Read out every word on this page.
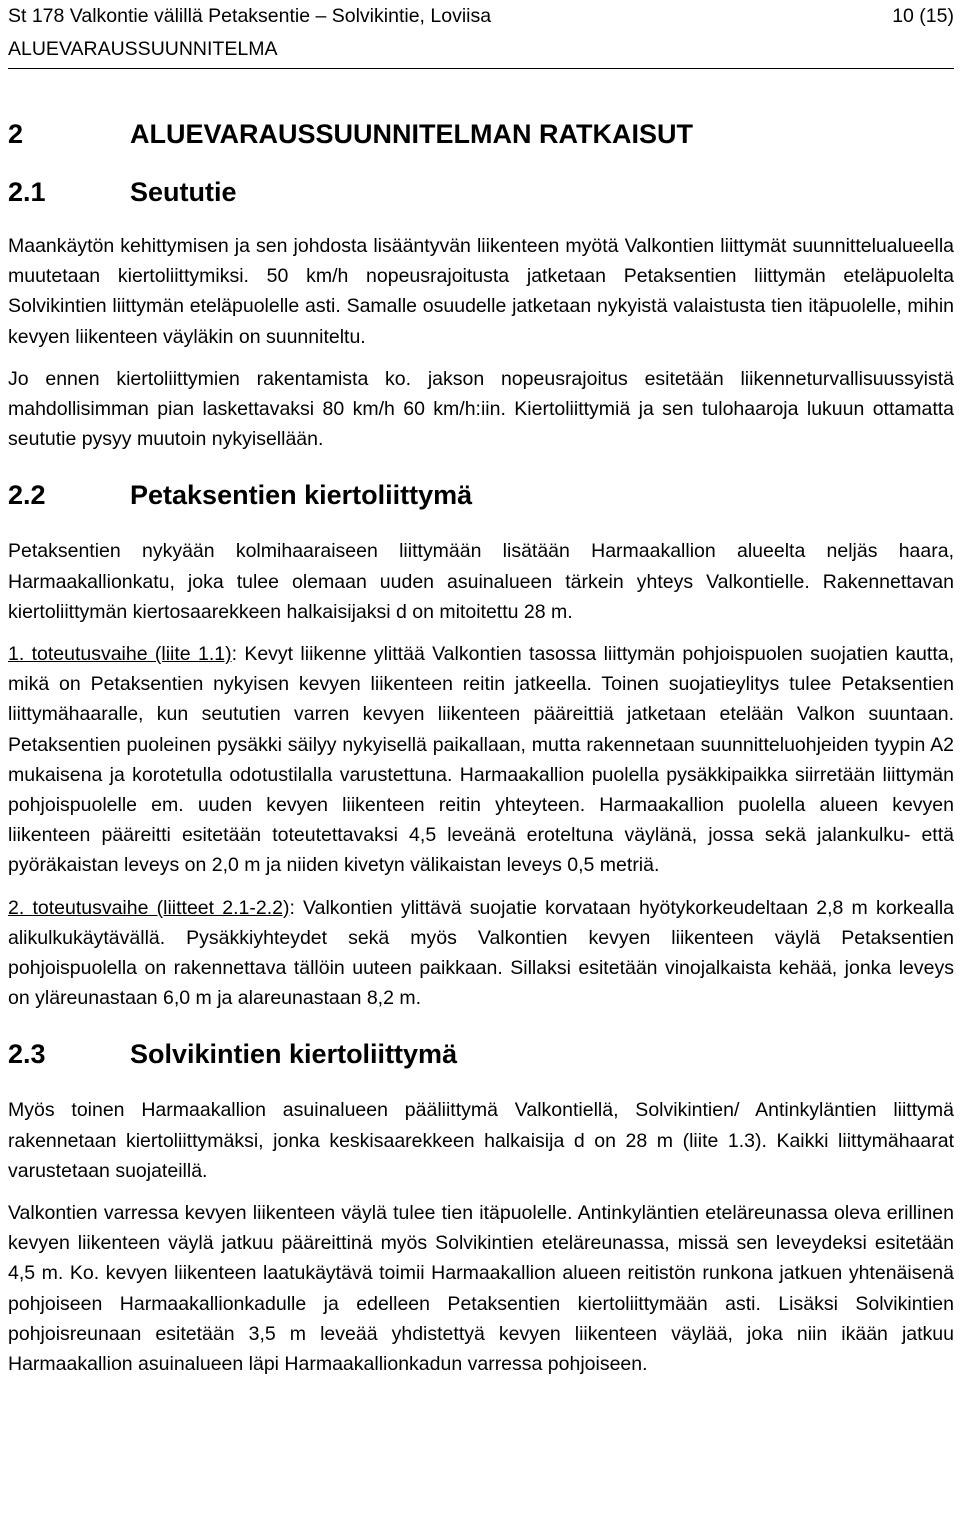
St 178 Valkontie välillä Petaksentie – Solvikintie, Loviisa	10 (15)
ALUEVARAUSSUUNNITELMA
2	ALUEVARAUSSUUNNITELMAN RATKAISUT
2.1	Seututie

Maankäytön kehittymisen ja sen johdosta lisääntyvän liikenteen myötä Valkontien liittymät suunnittelualueella muutetaan kiertoliittymiksi. 50 km/h nopeusrajoitusta jatketaan Petaksentien liittymän eteläpuolelta Solvikintien liittymän eteläpuolelle asti. Samalle osuudelle jatketaan nykyistä valaistusta tien itäpuolelle, mihin kevyen liikenteen väyläkin on suunniteltu.

Jo ennen kiertoliittymien rakentamista ko. jakson nopeusrajoitus esitetään liikenneturvallisuussyistä mahdollisimman pian laskettavaksi 80 km/h 60 km/h:iin. Kiertoliittymiä ja sen tulohaaroja lukuun ottamatta seututie pysyy muutoin nykyisellään.

2.2	Petaksentien kiertoliittymä

Petaksentien nykyään kolmihaaraiseen liittymään lisätään Harmaakallion alueelta neljäs haara, Harmaakallionkatu, joka tulee olemaan uuden asuinalueen tärkein yhteys Valkontielle. Rakennettavan kiertoliittymän kiertosaarekkeen halkaisijaksi d on mitoitettu 28 m.

1. toteutusvaihe (liite 1.1): Kevyt liikenne ylittää Valkontien tasossa liittymän pohjoispuolen suojatien kautta, mikä on Petaksentien nykyisen kevyen liikenteen reitin jatkeella. Toinen suojatieylitys tulee Petaksentien liittymähaaralle, kun seututien varren kevyen liikenteen pääreittiä jatketaan etelään Valkon suuntaan. Petaksentien puoleinen pysäkki säilyy nykyisellä paikallaan, mutta rakennetaan suunnitteluohjeiden tyypin A2 mukaisena ja korotetulla odotustilalla varustettuna. Harmaakallion puolella pysäkkipaikka siirretään liittymän pohjoispuolelle em. uuden kevyen liikenteen reitin yhteyteen. Harmaakallion puolella alueen kevyen liikenteen pääreitti esitetään toteutettavaksi 4,5 leveänä eroteltuna väylänä, jossa sekä jalankulku- että pyöräkaistan leveys on 2,0 m ja niiden kivetyn välikaistan leveys 0,5 metriä.

2. toteutusvaihe (liitteet 2.1-2.2): Valkontien ylittävä suojatie korvataan hyötykorkeudeltaan 2,8 m korkealla alikulkukäytävällä. Pysäkkiyhteydet sekä myös Valkontien kevyen liikenteen väylä Petaksentien pohjoispuolella on rakennettava tällöin uuteen paikkaan. Sillaksi esitetään vinojalkaista kehää, jonka leveys on yläreunastaan 6,0 m ja alareunastaan 8,2 m.

2.3	Solvikintien kiertoliittymä

Myös toinen Harmaakallion asuinalueen pääliittymä Valkontiellä, Solvikintien/ Antinkyläntien liittymä rakennetaan kiertoliittymäksi, jonka keskisaarekkeen halkaisija d on 28 m (liite 1.3). Kaikki liittymähaarat varustetaan suojateillä.

Valkontien varressa kevyen liikenteen väylä tulee tien itäpuolelle. Antinkyläntien eteläreunassa oleva erillinen kevyen liikenteen väylä jatkuu pääreittinä myös Solvikintien eteläreunassa, missä sen leveydeksi esitetään 4,5 m. Ko. kevyen liikenteen laatukäytävä toimii Harmaakallion alueen reitistön runkona jatkuen yhtenäisenä pohjoiseen Harmaakallionkadulle ja edelleen Petaksentien kiertoliittymään asti. Lisäksi Solvikintien pohjoisreunaan esitetään 3,5 m leveää yhdistettyä kevyen liikenteen väylää, joka niin ikään jatkuu Harmaakallion asuinalueen läpi Harmaakallionkadun varressa pohjoiseen.
